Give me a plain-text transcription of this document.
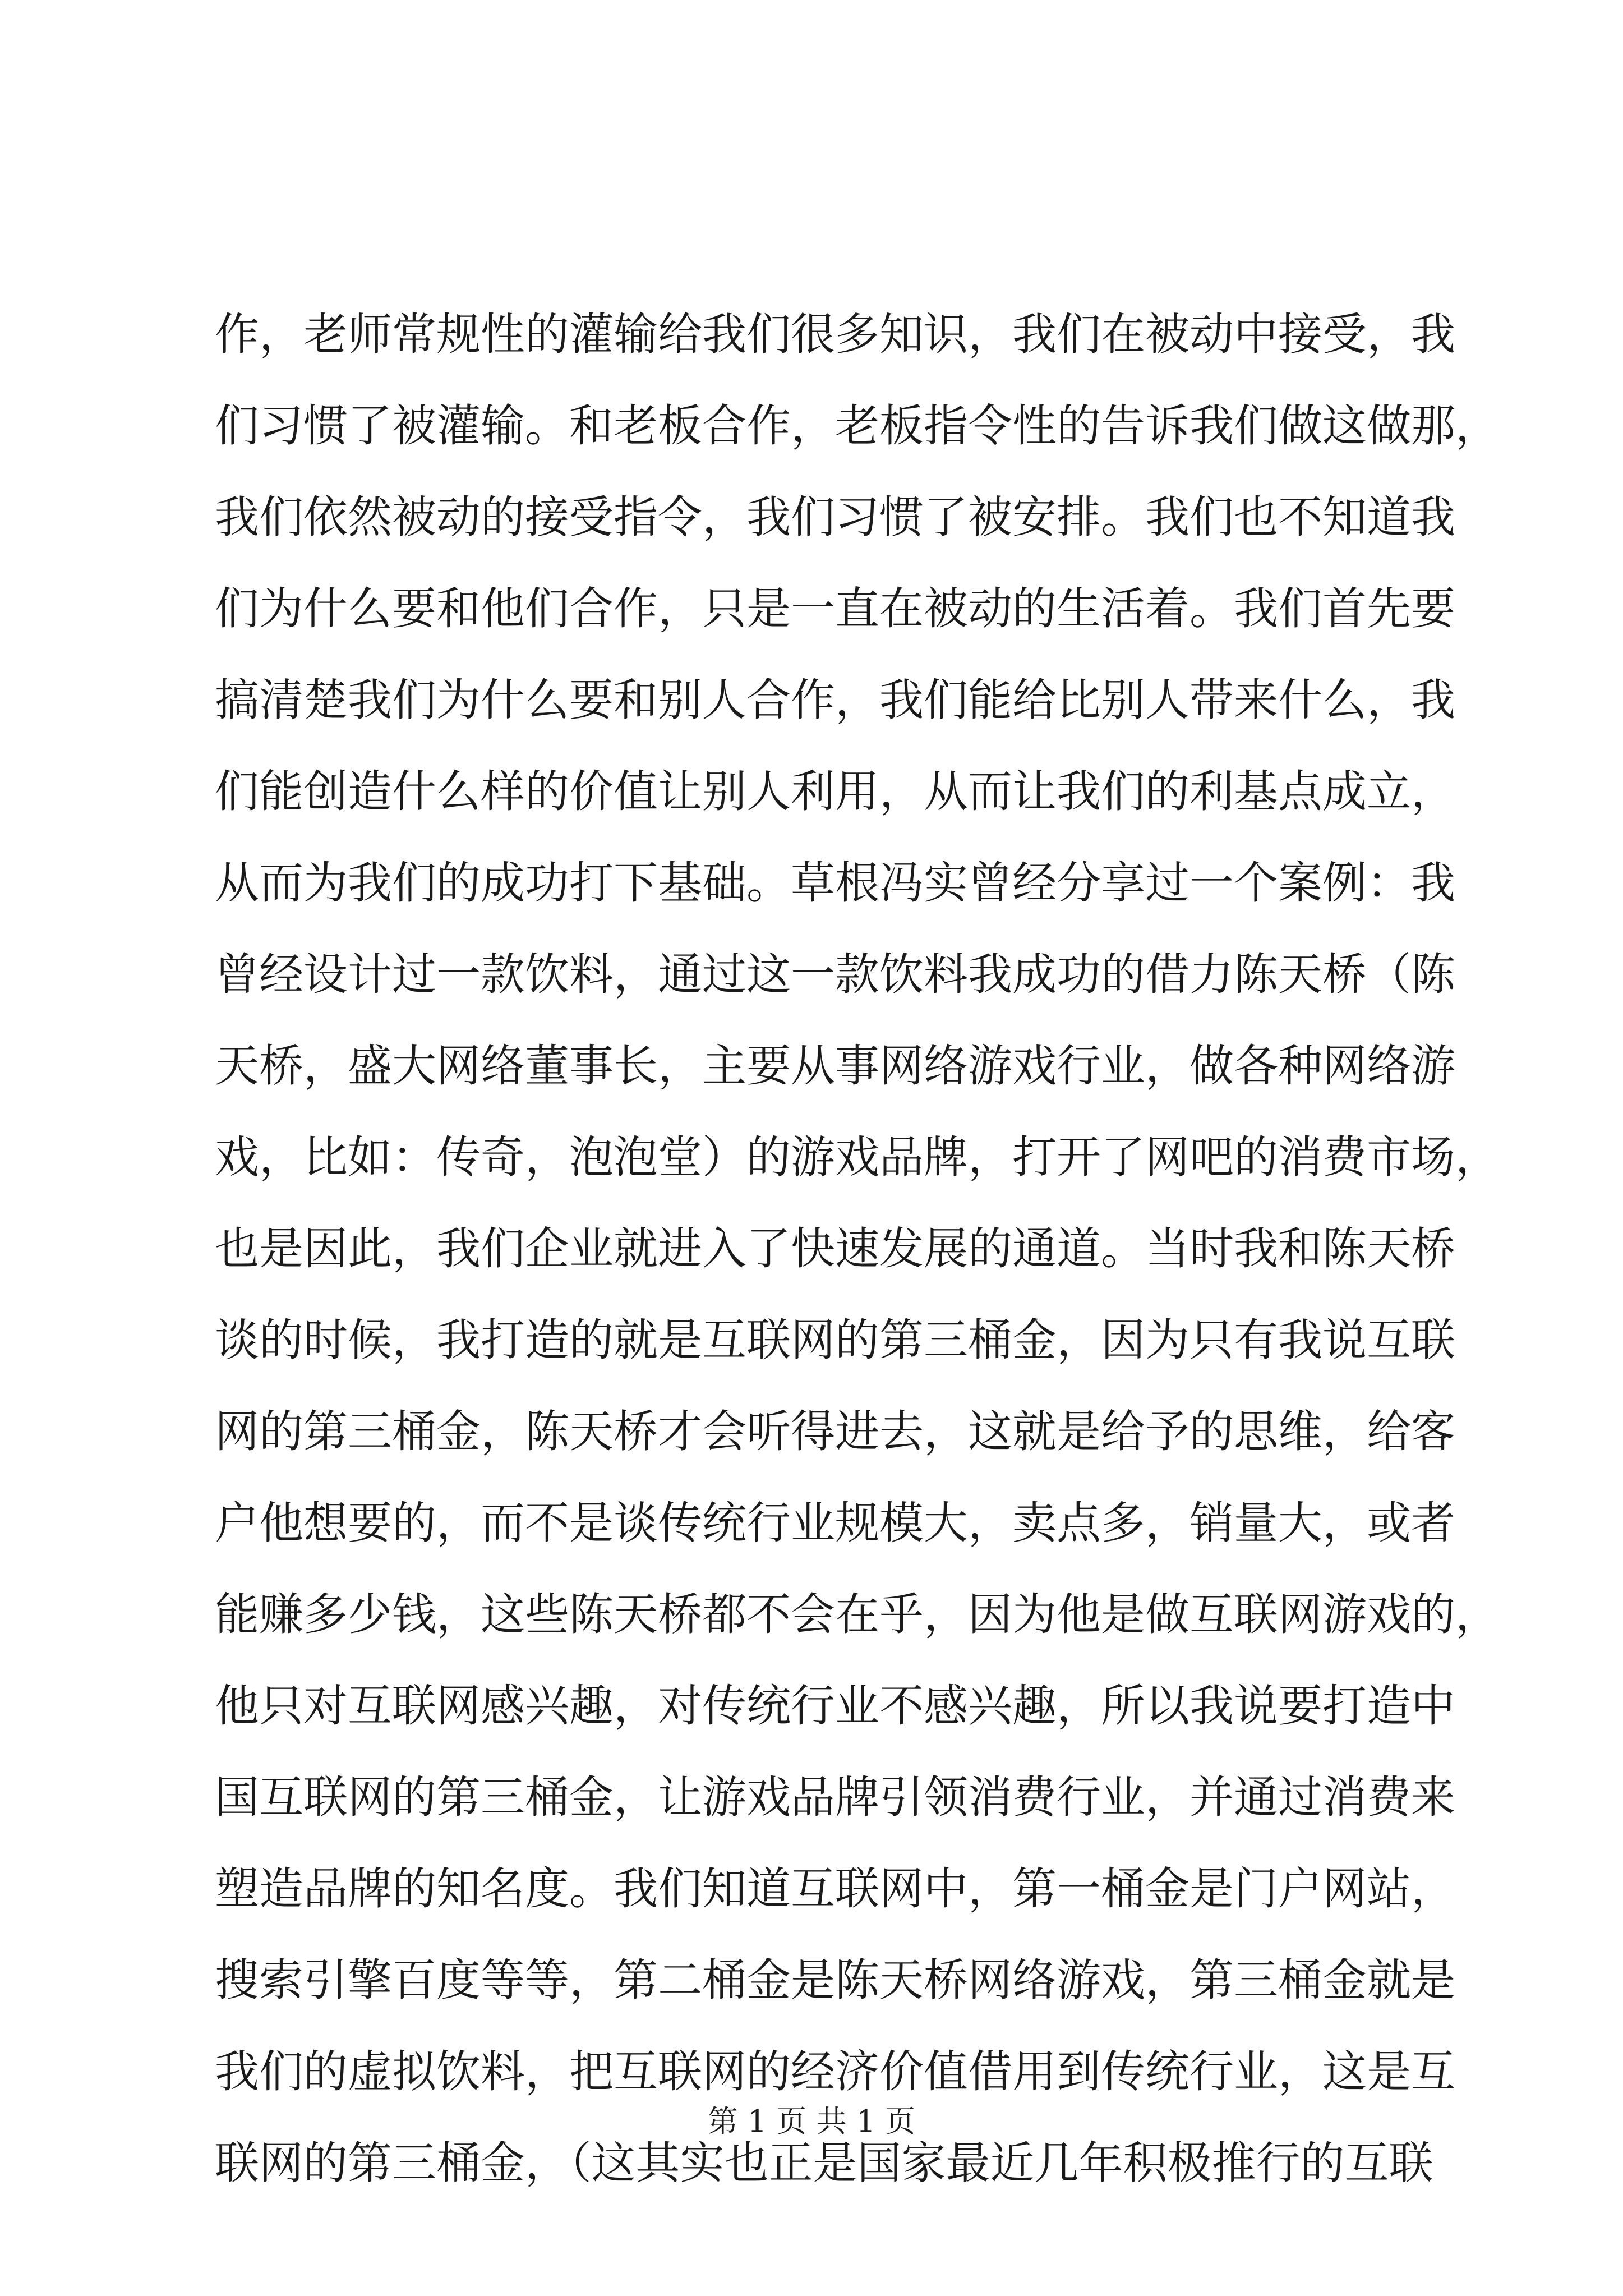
作，老师常规性的灌输给我们很多知识，我们在被动中接受，我
们习惯了被灌输。和老板合作，老板指令性的告诉我们做这做那，
我们依然被动的接受指令，我们习惯了被安排。我们也不知道我
们为什么要和他们合作，只是一直在被动的生活着。我们首先要
搞清楚我们为什么要和别人合作，我们能给比别人带来什么，我
们能创造什么样的价值让别人利用，从而让我们的利基点成立，
从而为我们的成功打下基础。草根冯实曾经分享过一个案例：我
曾经设计过一款饮料，通过这一款饮料我成功的借力陈天桥（陈
天桥，盛大网络董事长，主要从事网络游戏行业，做各种网络游
戏，比如：传奇，泡泡堂）的游戏品牌，打开了网吧的消费市场，
也是因此，我们企业就进入了快速发展的通道。当时我和陈天桥
谈的时候，我打造的就是互联网的第三桶金，因为只有我说互联
网的第三桶金，陈天桥才会听得进去，这就是给予的思维，给客
户他想要的，而不是谈传统行业规模大，卖点多，销量大，或者
能赚多少钱，这些陈天桥都不会在乎，因为他是做互联网游戏的，
他只对互联网感兴趣，对传统行业不感兴趣，所以我说要打造中
国互联网的第三桶金，让游戏品牌引领消费行业，并通过消费来
塑造品牌的知名度。我们知道互联网中，第一桶金是门户网站，
搜索引擎百度等等，第二桶金是陈天桥网络游戏，第三桶金就是
我们的虚拟饮料，把互联网的经济价值借用到传统行业，这是互
联网的第三桶金，（这其实也正是国家最近几年积极推行的互联
第 1 页 共 1 页
